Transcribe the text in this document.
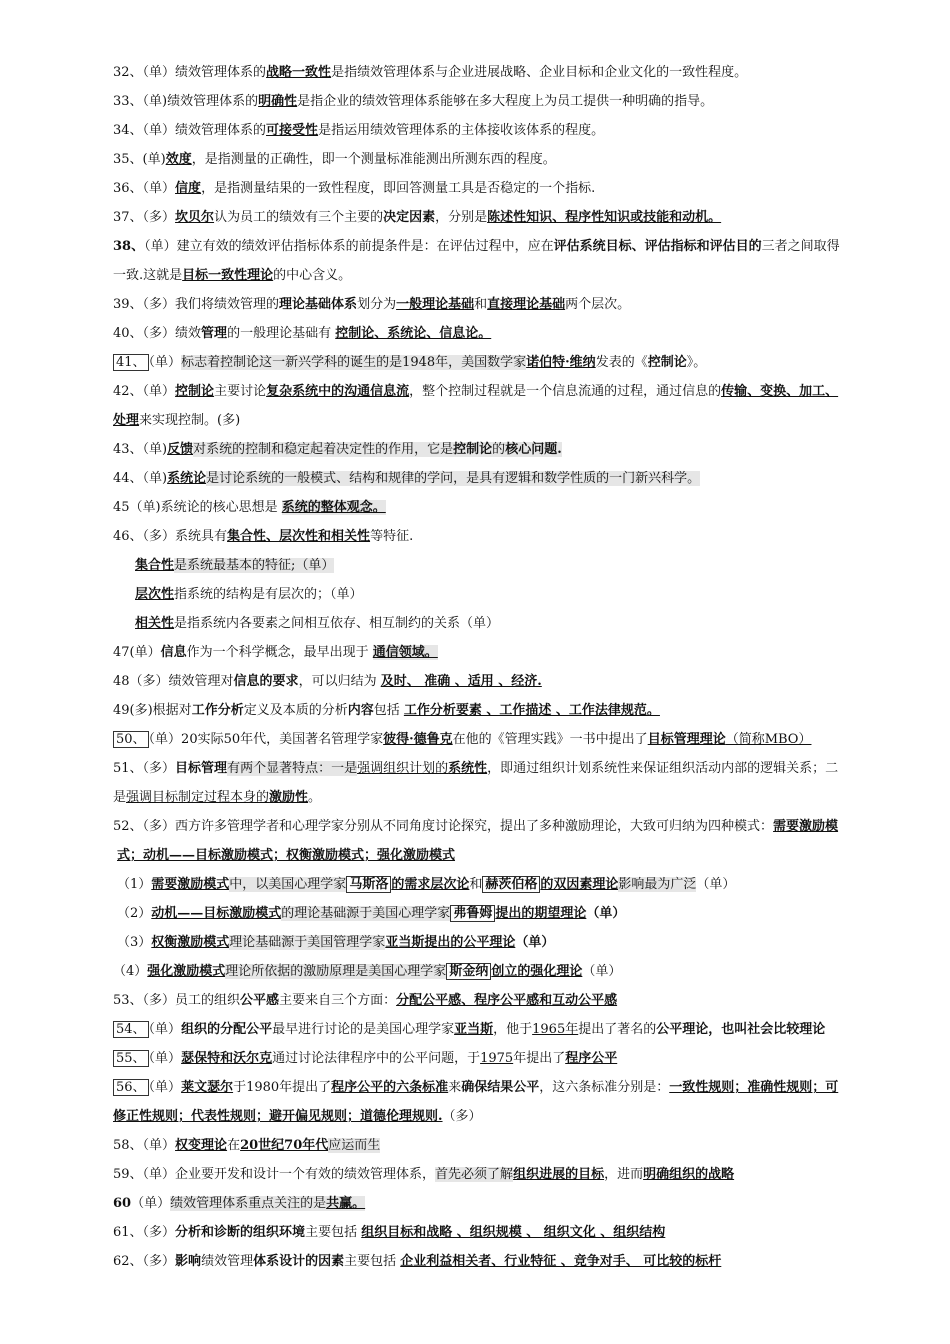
32、（单）绩效管理体系的战略一致性是指绩效管理体系与企业进展战略、企业目标和企业文化的一致性程度。
33、（单)绩效管理体系的明确性是指企业的绩效管理体系能够在多大程度上为员工提供一种明确的指导。
34、（单）绩效管理体系的可接受性是指运用绩效管理体系的主体接收该体系的程度。
35、(单)效度，是指测量的正确性，即一个测量标准能测出所测东西的程度。
36、（单）信度，是指测量结果的一致性程度，即回答测量工具是否稳定的一个指标.
37、（多）坎贝尔认为员工的绩效有三个主要的决定因素，分别是陈述性知识、程序性知识或技能和动机。
38、（单）建立有效的绩效评估指标体系的前提条件是：在评估过程中，应在评估系统目标、评估指标和评估目的三者之间取得
一致.这就是目标一致性理论的中心含义。
39、（多）我们将绩效管理的理论基础体系划分为一般理论基础和直接理论基础两个层次。
40、（多）绩效管理的一般理论基础有 控制论、系统论、信息论。
41、 （单）标志着控制论这一新兴学科的诞生的是1948年，美国数学家诺伯特·维纳发表的《控制论》。
42、（单）控制论主要讨论复杂系统中的沟通信息流，整个控制过程就是一个信息流通的过程，通过信息的传输、变换、加工、
处理来实现控制。(多)
43、（单)反馈对系统的控制和稳定起着决定性的作用，它是控制论的核心问题.
44、（单)系统论是讨论系统的一般模式、结构和规律的学问，是具有逻辑和数学性质的一门新兴科学。
45（单)系统论的核心思想是 系统的整体观念。
46、（多）系统具有集合性、层次性和相关性等特征.
集合性是系统最基本的特征;（单）
层次性指系统的结构是有层次的；（单）
相关性是指系统内各要素之间相互依存、相互制约的关系（单）
47(单）信息作为一个科学概念，最早出现于 通信领域。
48（多）绩效管理对信息的要求，可以归结为 及时、 准确 、适用 、经济.
49(多)根据对工作分析定义及本质的分析内容包括 工作分析要素 、工作描述 、工作法律规范。
50、 （单）20实际50年代，美国著名管理学家彼得·德鲁克在他的《管理实践》一书中提出了目标管理理论（简称MBO）
51、（多）目标管理有两个显著特点：一是强调组织计划的系统性，即通过组织计划系统性来保证组织活动内部的逻辑关系；二
是强调目标制定过程本身的激励性。
52、（多）西方许多管理学者和心理学家分别从不同角度讨论探究，提出了多种激励理论，大致可归纳为四种模式：需要激励模
式；动机——目标激励模式；权衡激励模式；强化激励模式
（1）需要激励模式中，以美国心理学家 马斯洛 的需求层次论和 赫茨伯格 的双因素理论影响最为广泛（单）
（2）动机——目标激励模式的理论基础源于美国心理学家 弗鲁姆 提出的期望理论（单）
（3）权衡激励模式理论基础源于美国管理学家亚当斯提出的公平理论（单）
（4）强化激励模式理论所依据的激励原理是美国心理学家 斯金纳 创立的强化理论（单）
53、（多）员工的组织公平感主要来自三个方面：分配公平感、程序公平感和互动公平感
54、 （单）组织的分配公平最早进行讨论的是美国心理学家亚当斯，他于1965年提出了著名的公平理论，也叫社会比较理论
55、 （单）瑟保特和沃尔克通过讨论法律程序中的公平问题，于1975年提出了程序公平
56、 （单）莱文瑟尔于1980年提出了程序公平的六条标准来确保结果公平，这六条标准分别是：一致性规则；准确性规则；可
修正性规则；代表性规则；避开偏见规则；道德伦理规则.（多）
58、（单）权变理论在20世纪70年代应运而生
59、（单）企业要开发和设计一个有效的绩效管理体系，首先必须了解组织进展的目标，进而明确组织的战略
60（单）绩效管理体系重点关注的是共赢。
61、（多）分析和诊断的组织环境主要包括 组织目标和战略 、组织规模 、 组织文化 、组织结构
62、（多）影响绩效管理体系设计的因素主要包括 企业利益相关者、行业特征 、竞争对手、 可比较的标杆
